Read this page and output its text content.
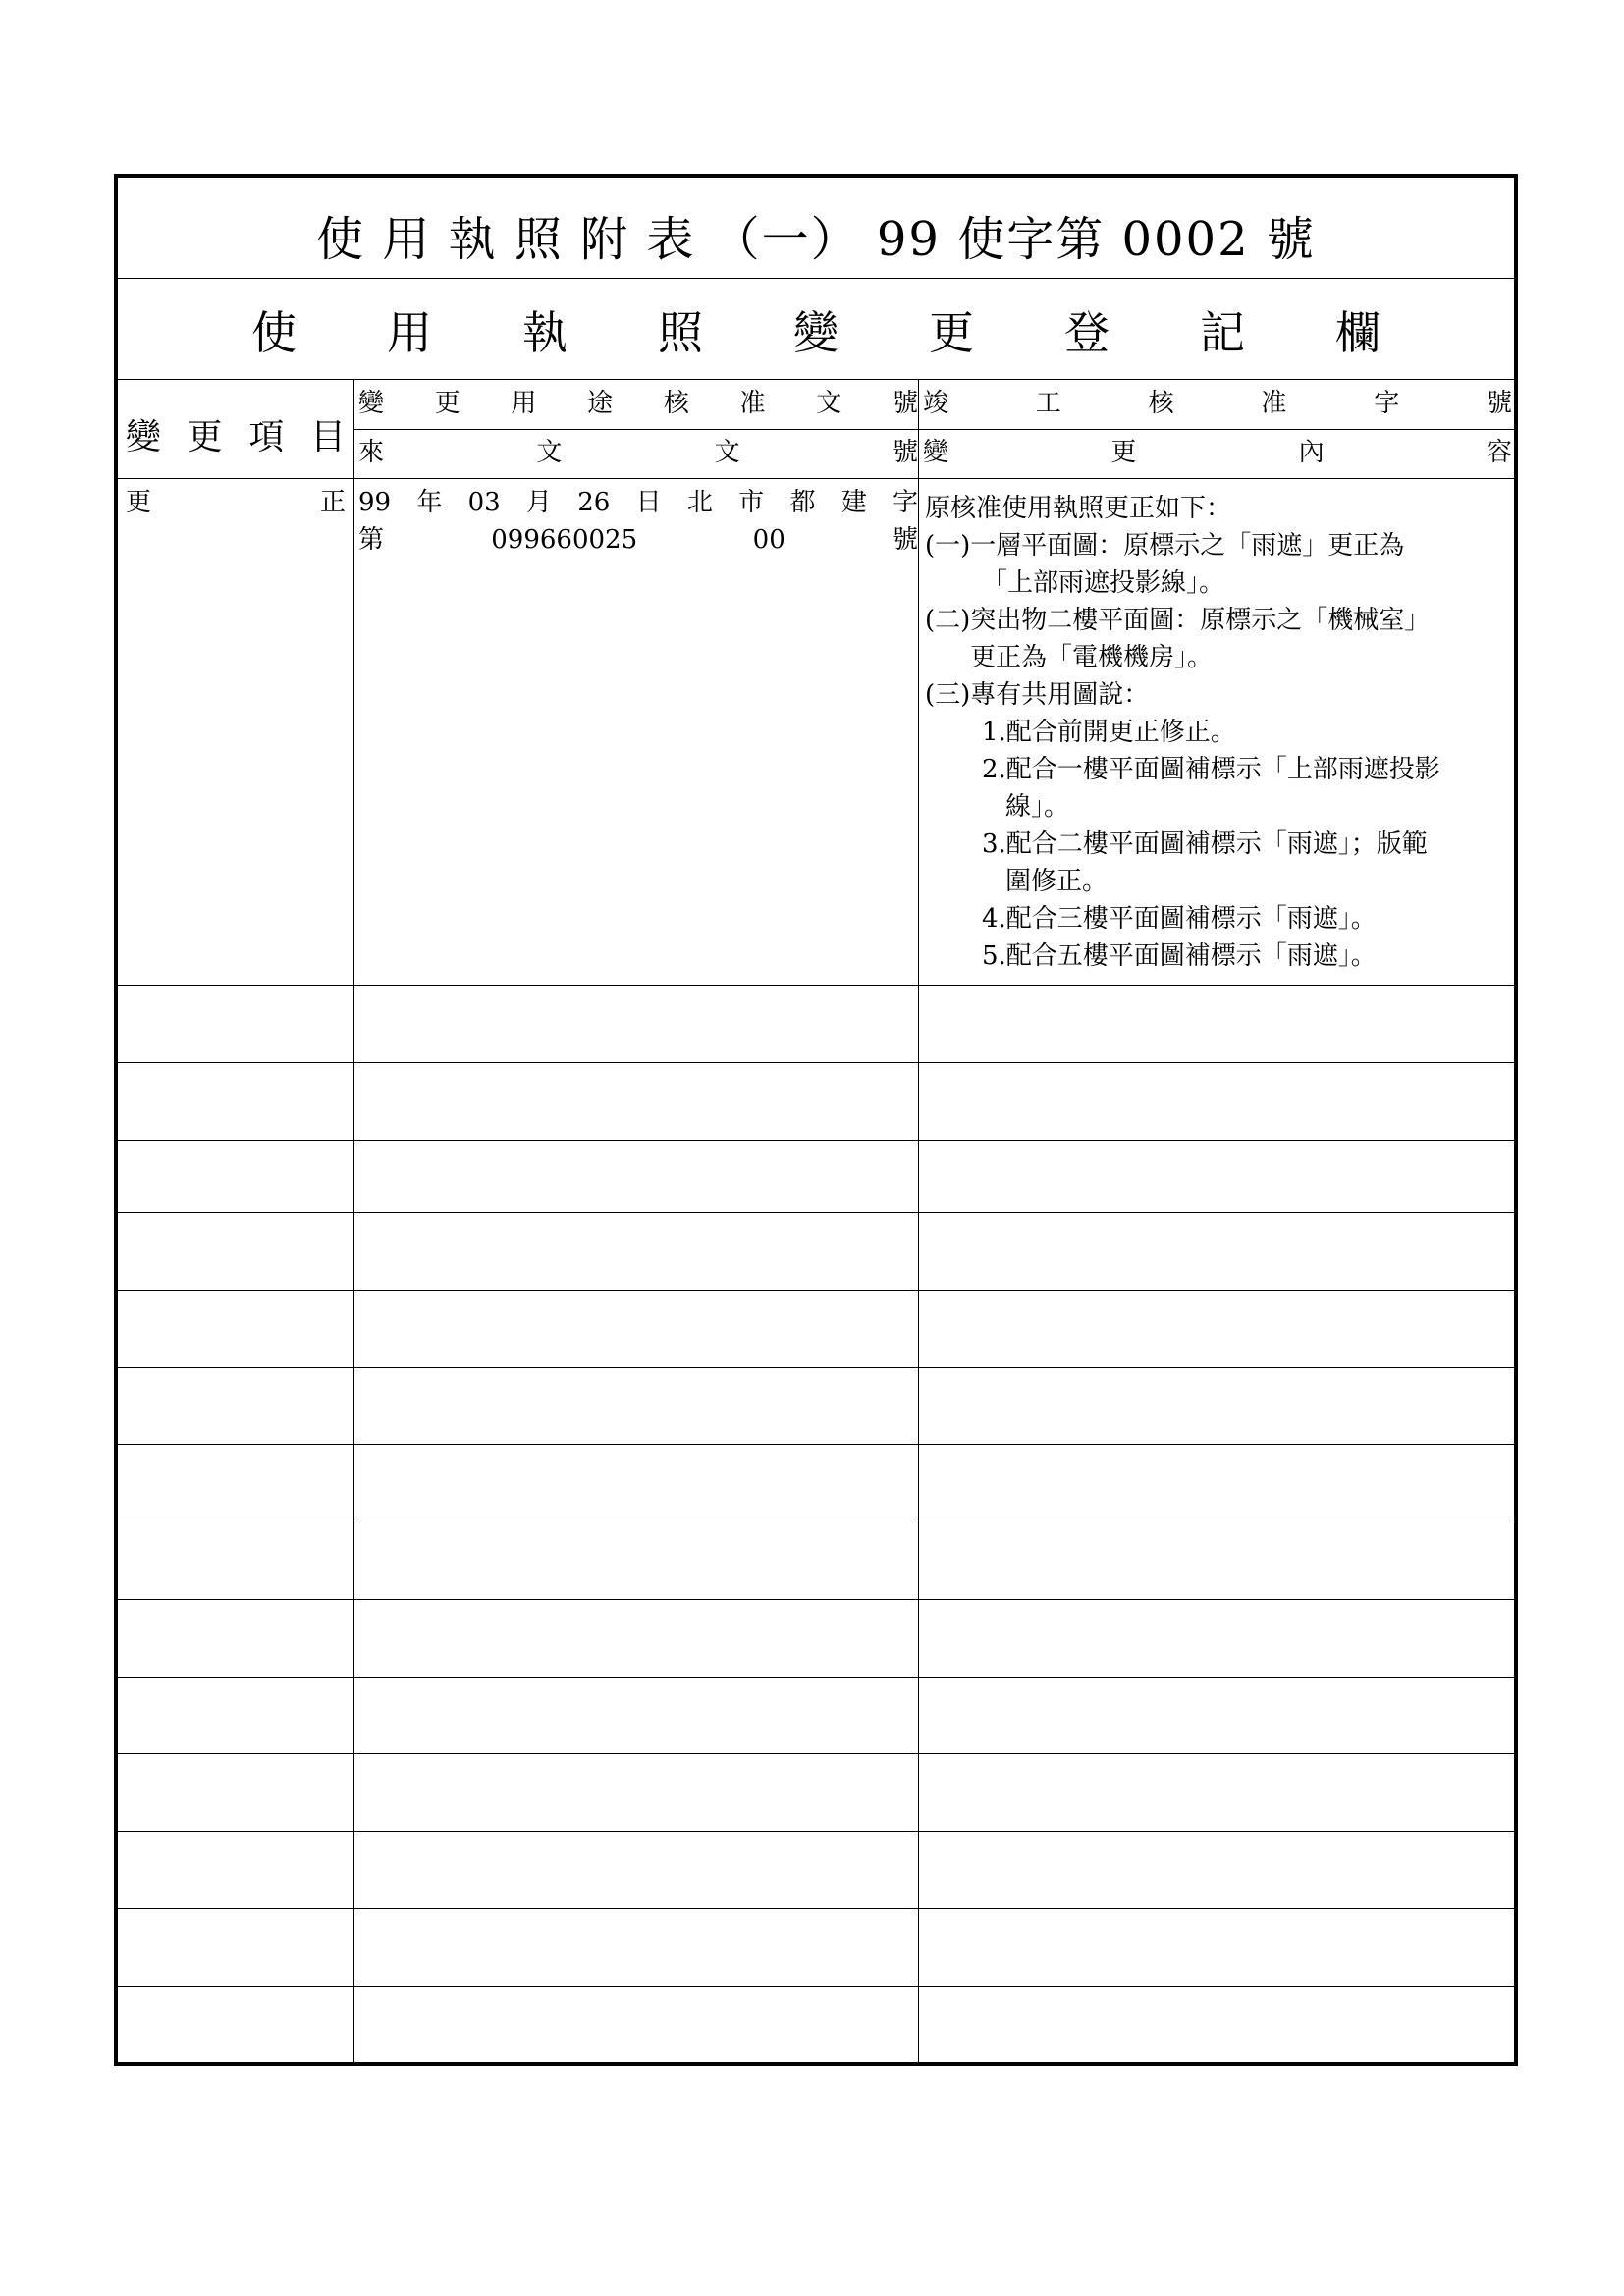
使 用 執 照 附 表 （一） 99 使字第 0002 號
使　　用　　執　　照　　變　　更　　登　　記　　欄
變更項目
變更用途核准文號 竣工核准字號
來文文號 變更內容
更正 99年03月26日北市都建字
第099660025 00號
原核准使用執照更正如下：
(一)一層平面圖：原標示之「雨遮」更正為
「上部雨遮投影線」。
(二)突出物二樓平面圖：原標示之「機械室」
更正為「電機機房」。
(三)專有共用圖說：
1.配合前開更正修正。
2.配合一樓平面圖補標示「上部雨遮投影
線」。
3.配合二樓平面圖補標示「雨遮」；版範
圍修正。
4.配合三樓平面圖補標示「雨遮」。
5.配合五樓平面圖補標示「雨遮」。
